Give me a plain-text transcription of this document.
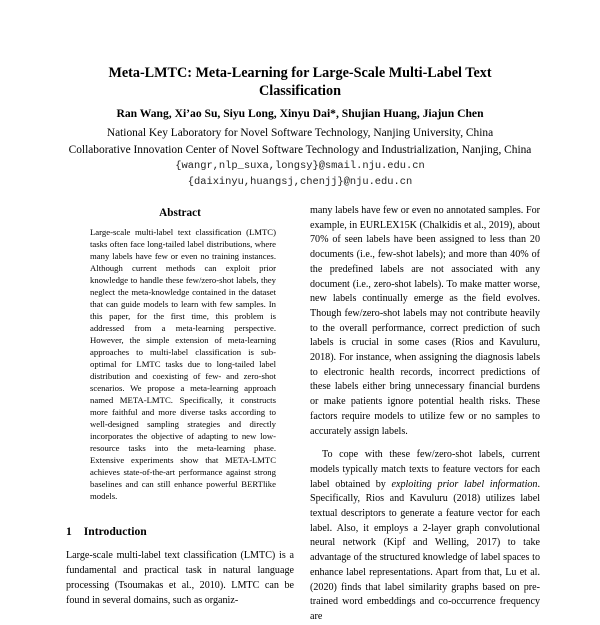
Meta-LMTC: Meta-Learning for Large-Scale Multi-Label Text Classification
Ran Wang, Xi’ao Su, Siyu Long, Xinyu Dai*, Shujian Huang, Jiajun Chen
National Key Laboratory for Novel Software Technology, Nanjing University, China
Collaborative Innovation Center of Novel Software Technology and Industrialization, Nanjing, China
{wangr,nlp_suxa,longsy}@smail.nju.edu.cn
{daixinyu,huangsj,chenjj}@nju.edu.cn
Abstract
Large-scale multi-label text classification (LMTC) tasks often face long-tailed label distributions, where many labels have few or even no training instances. Although current methods can exploit prior knowledge to handle these few/zero-shot labels, they neglect the meta-knowledge contained in the dataset that can guide models to learn with few samples. In this paper, for the first time, this problem is addressed from a meta-learning perspective. However, the simple extension of meta-learning approaches to multi-label classification is sub-optimal for LMTC tasks due to long-tailed label distribution and coexisting of few- and zero-shot scenarios. We propose a meta-learning approach named META-LMTC. Specifically, it constructs more faithful and more diverse tasks according to well-designed sampling strategies and directly incorporates the objective of adapting to new low-resource tasks into the meta-learning phase. Extensive experiments show that META-LMTC achieves state-of-the-art performance against strong baselines and can still enhance powerful BERTlike models.
1 Introduction
Large-scale multi-label text classification (LMTC) is a fundamental and practical task in natural language processing (Tsoumakas et al., 2010). LMTC can be found in several domains, such as organiz-

many labels have few or even no annotated samples. For example, in EURLEX15K (Chalkidis et al., 2019), about 70% of seen labels have been assigned to less than 20 documents (i.e., few-shot labels); and more than 40% of the predefined labels are not associated with any document (i.e., zero-shot labels). To make matter worse, new labels continually emerge as the field evolves. Though few/zero-shot labels may not contribute heavily to the overall performance, correct prediction of such labels is crucial in some cases (Rios and Kavuluru, 2018). For instance, when assigning the diagnosis labels to electronic health records, incorrect predictions of these labels either bring unnecessary financial burdens or make patients ignore potential health risks. These factors require models to utilize few or no samples to accurately assign labels.

To cope with these few/zero-shot labels, current models typically match texts to feature vectors for each label obtained by exploiting prior label information. Specifically, Rios and Kavuluru (2018) utilizes label textual descriptors to generate a feature vector for each label. Also, it employs a 2-layer graph convolutional neural network (Kipf and Welling, 2017) to take advantage of the structured knowledge of label spaces to enhance label representations. Apart from that, Lu et al. (2020) finds that label similarity graphs based on pre-trained word embeddings and co-occurrence frequency are
